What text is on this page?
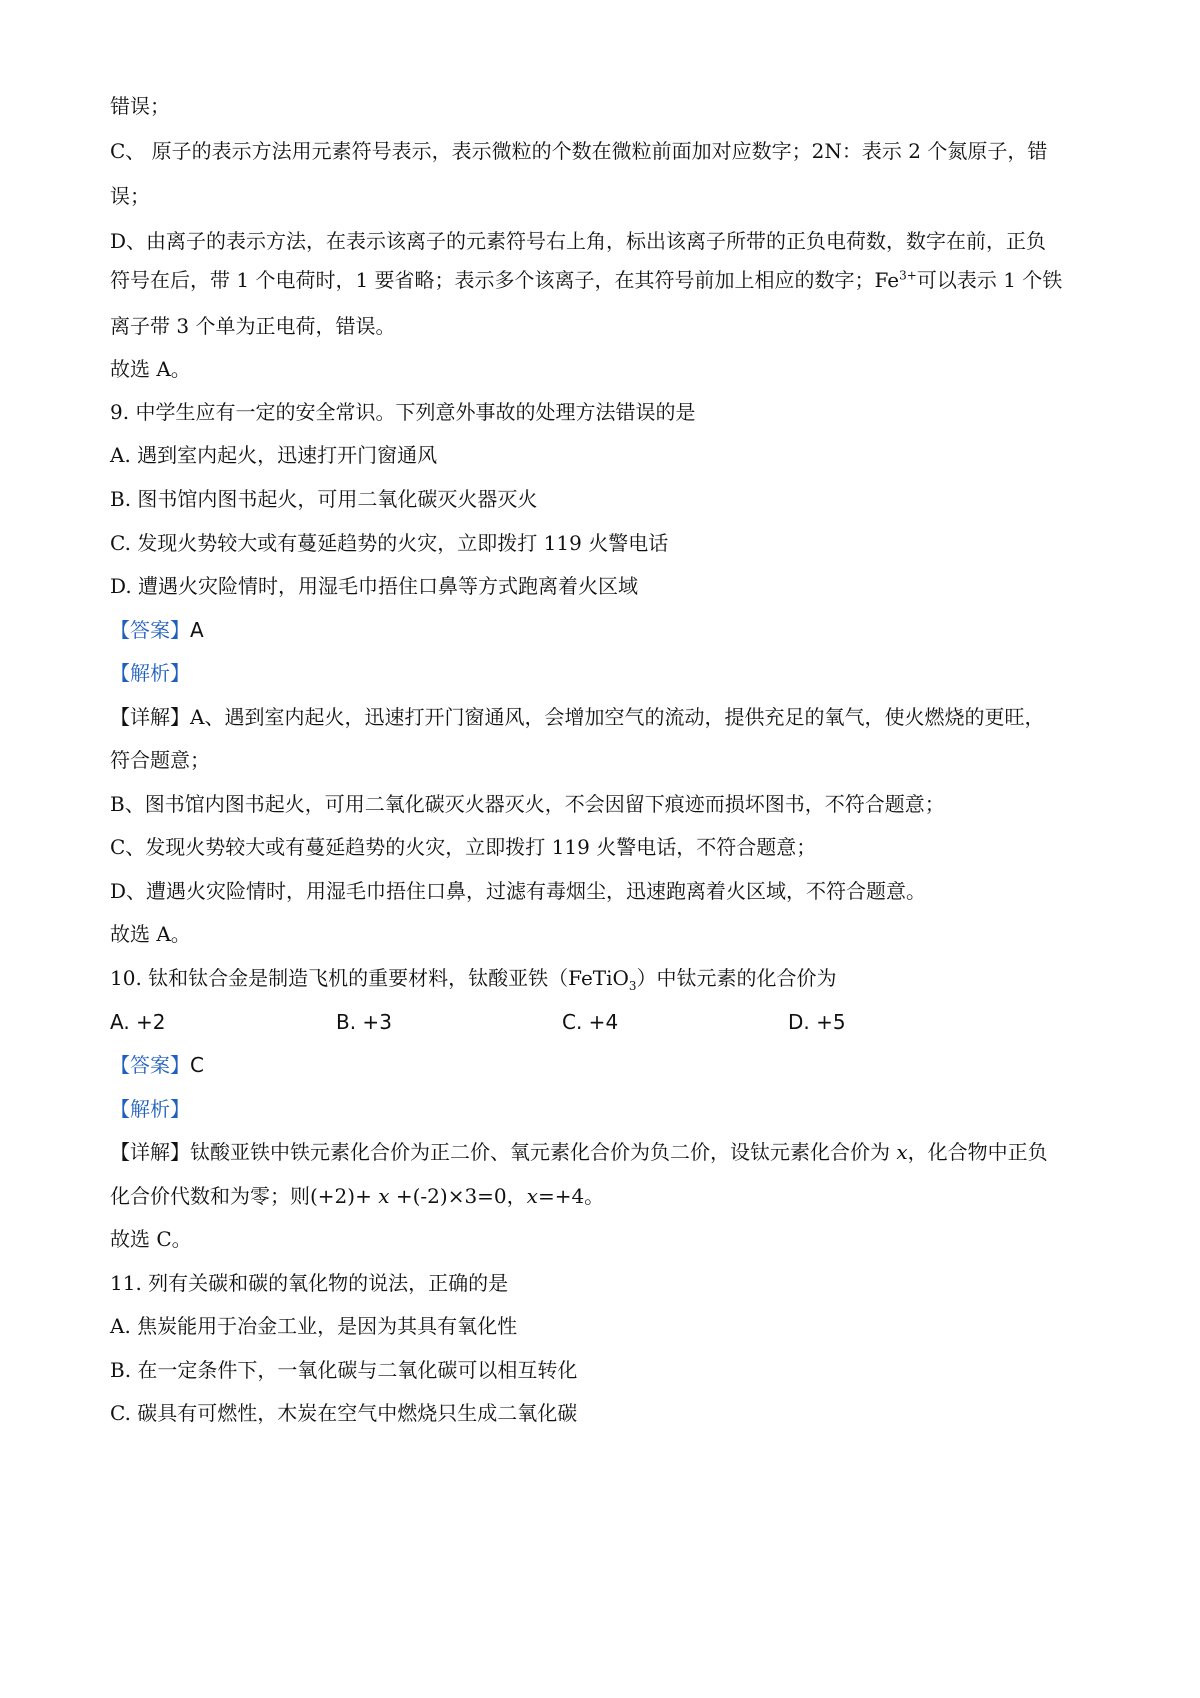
错误；
C、 原子的表示方法用元素符号表示，表示微粒的个数在微粒前面加对应数字；2N：表示 2 个氮原子，错
误；
D、由离子的表示方法，在表示该离子的元素符号右上角，标出该离子所带的正负电荷数，数字在前，正负
符号在后，带 1 个电荷时，1 要省略；表示多个该离子，在其符号前加上相应的数字；$Fe^{3+}$可以表示 1 个铁
离子带 3 个单为正电荷，错误。
故选 A。
9. 中学生应有一定的安全常识。下列意外事故的处理方法错误的是
A. 遇到室内起火，迅速打开门窗通风
B. 图书馆内图书起火，可用二氧化碳灭火器灭火
C. 发现火势较大或有蔓延趋势的火灾，立即拨打 119 火警电话
D. 遭遇火灾险情时，用湿毛巾捂住口鼻等方式跑离着火区域
【答案】A
【解析】
【详解】A、遇到室内起火，迅速打开门窗通风，会增加空气的流动，提供充足的氧气，使火燃烧的更旺，
符合题意；
B、图书馆内图书起火，可用二氧化碳灭火器灭火，不会因留下痕迹而损坏图书，不符合题意；
C、发现火势较大或有蔓延趋势的火灾，立即拨打 119 火警电话，不符合题意；
D、遭遇火灾险情时，用湿毛巾捂住口鼻，过滤有毒烟尘，迅速跑离着火区域，不符合题意。
故选 A。
10. 钛和钛合金是制造飞机的重要材料，钛酸亚铁（FeTiO$_3$）中钛元素的化合价为
A. +2	B. +3	C. +4	D. +5
【答案】C
【解析】
【详解】钛酸亚铁中铁元素化合价为正二价、氧元素化合价为负二价，设钛元素化合价为 x，化合物中正负
化合价代数和为零；则(+2)+ x +(-2)×3=0，x=+4。
故选 C。
11. 列有关碳和碳的氧化物的说法，正确的是
A. 焦炭能用于冶金工业，是因为其具有氧化性
B. 在一定条件下，一氧化碳与二氧化碳可以相互转化
C. 碳具有可燃性，木炭在空气中燃烧只生成二氧化碳
